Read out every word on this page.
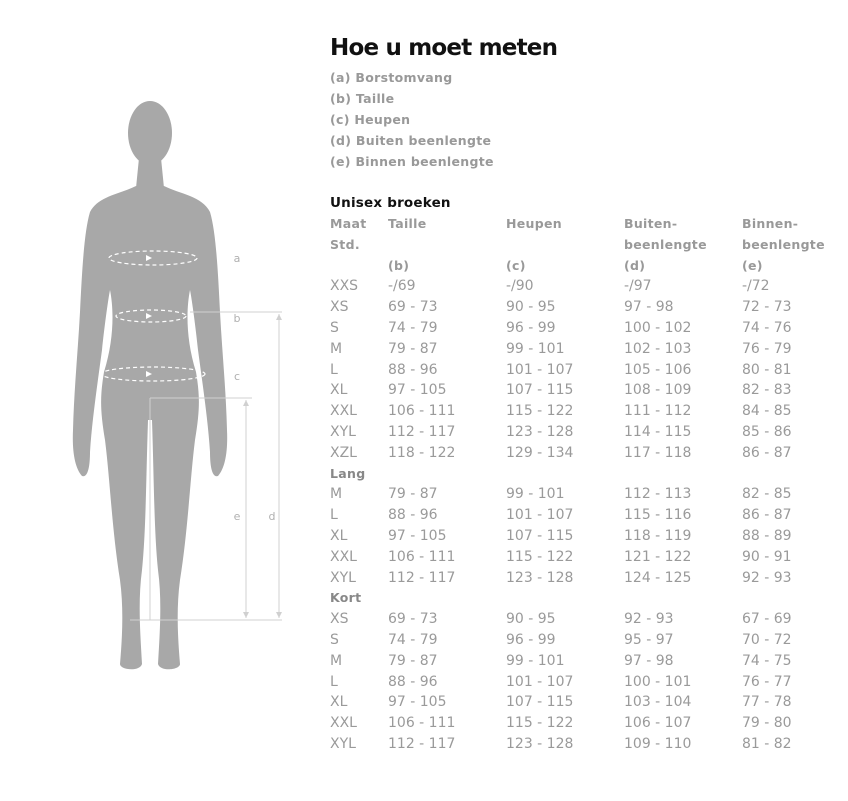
a
b
c
e	d
Hoe u moet meten
(a) Borstomvang
(b) Taille
(c) Heupen
(d) Buiten beenlengte
(e) Binnen beenlengte
Unisex broeken
Maat	Taille	Heupen	Buiten-	Binnen-
Std.			beenlengte	beenlengte
	(b)	(c)	(d)	(e)
XXS	-/69	-/90	-/97	-/72
XS	69 - 73	90 - 95	97 - 98	72 - 73
S	74 - 79	96 - 99	100 - 102	74 - 76
M	79 - 87	99 - 101	102 - 103	76 - 79
L	88 - 96	101 - 107	105 - 106	80 - 81
XL	97 - 105	107 - 115	108 - 109	82 - 83
XXL	106 - 111	115 - 122	111 - 112	84 - 85
XYL	112 - 117	123 - 128	114 - 115	85 - 86
XZL	118 - 122	129 - 134	117 - 118	86 - 87
Lang				
M	79 - 87	99 - 101	112 - 113	82 - 85
L	88 - 96	101 - 107	115 - 116	86 - 87
XL	97 - 105	107 - 115	118 - 119	88 - 89
XXL	106 - 111	115 - 122	121 - 122	90 - 91
XYL	112 - 117	123 - 128	124 - 125	92 - 93
Kort				
XS	69 - 73	90 - 95	92 - 93	67 - 69
S	74 - 79	96 - 99	95 - 97	70 - 72
M	79 - 87	99 - 101	97 - 98	74 - 75
L	88 - 96	101 - 107	100 - 101	76 - 77
XL	97 - 105	107 - 115	103 - 104	77 - 78
XXL	106 - 111	115 - 122	106 - 107	79 - 80
XYL	112 - 117	123 - 128	109 - 110	81 - 82
